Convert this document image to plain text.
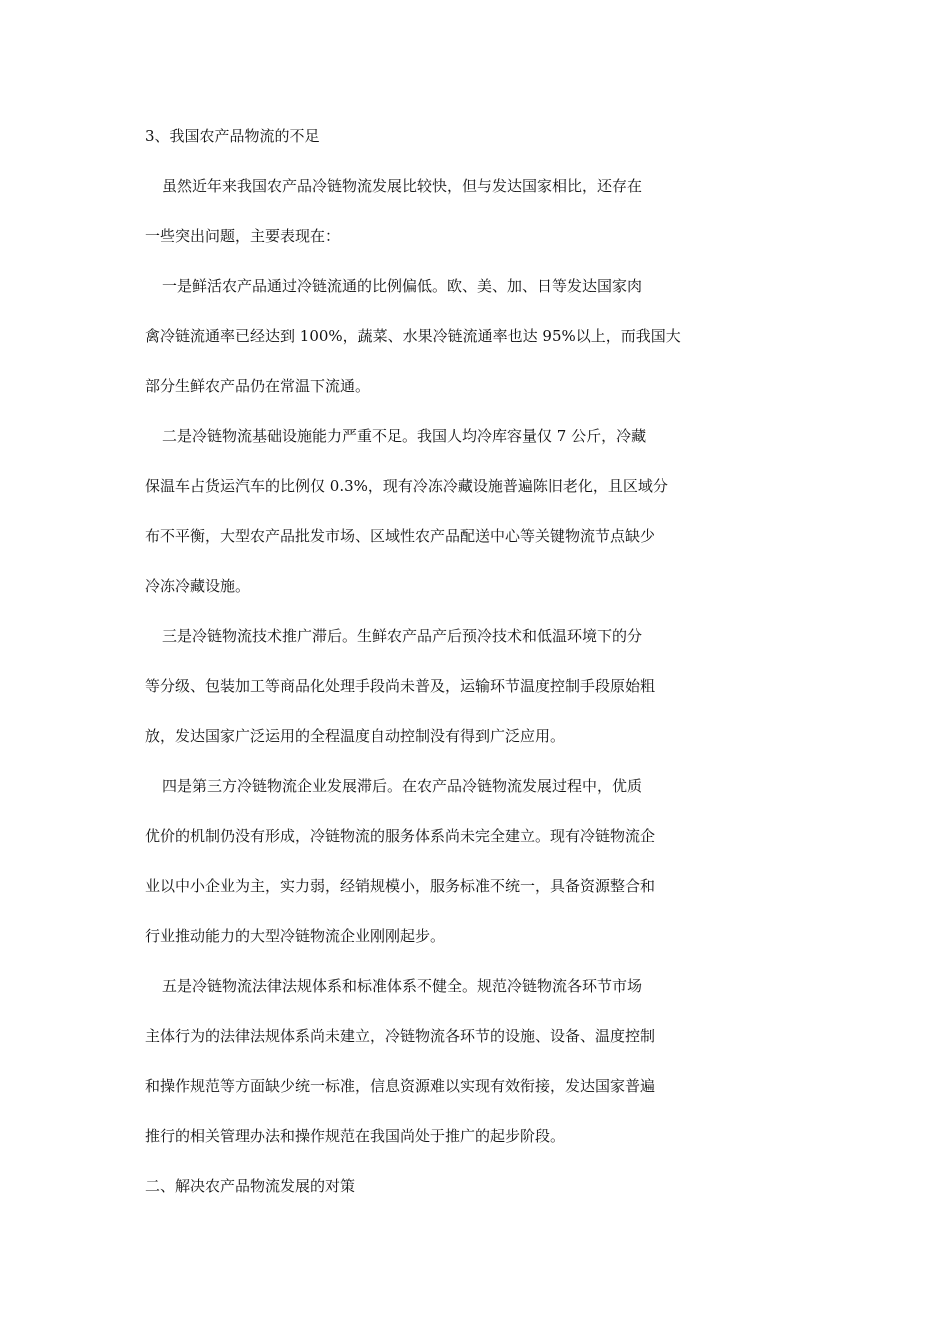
3、我国农产品物流的不足
虽然近年来我国农产品冷链物流发展比较快，但与发达国家相比，还存在
一些突出问题，主要表现在：
一是鲜活农产品通过冷链流通的比例偏低。欧、美、加、日等发达国家肉
禽冷链流通率已经达到 100%，蔬菜、水果冷链流通率也达 95%以上，而我国大
部分生鲜农产品仍在常温下流通。
二是冷链物流基础设施能力严重不足。我国人均冷库容量仅 7 公斤，冷藏
保温车占货运汽车的比例仅 0.3%，现有冷冻冷藏设施普遍陈旧老化，且区域分
布不平衡，大型农产品批发市场、区域性农产品配送中心等关键物流节点缺少
冷冻冷藏设施。
三是冷链物流技术推广滞后。生鲜农产品产后预冷技术和低温环境下的分
等分级、包装加工等商品化处理手段尚未普及，运输环节温度控制手段原始粗
放，发达国家广泛运用的全程温度自动控制没有得到广泛应用。
四是第三方冷链物流企业发展滞后。在农产品冷链物流发展过程中，优质
优价的机制仍没有形成，冷链物流的服务体系尚未完全建立。现有冷链物流企
业以中小企业为主，实力弱，经销规模小，服务标准不统一，具备资源整合和
行业推动能力的大型冷链物流企业刚刚起步。
五是冷链物流法律法规体系和标准体系不健全。规范冷链物流各环节市场
主体行为的法律法规体系尚未建立，冷链物流各环节的设施、设备、温度控制
和操作规范等方面缺少统一标准，信息资源难以实现有效衔接，发达国家普遍
推行的相关管理办法和操作规范在我国尚处于推广的起步阶段。
二、解决农产品物流发展的对策
